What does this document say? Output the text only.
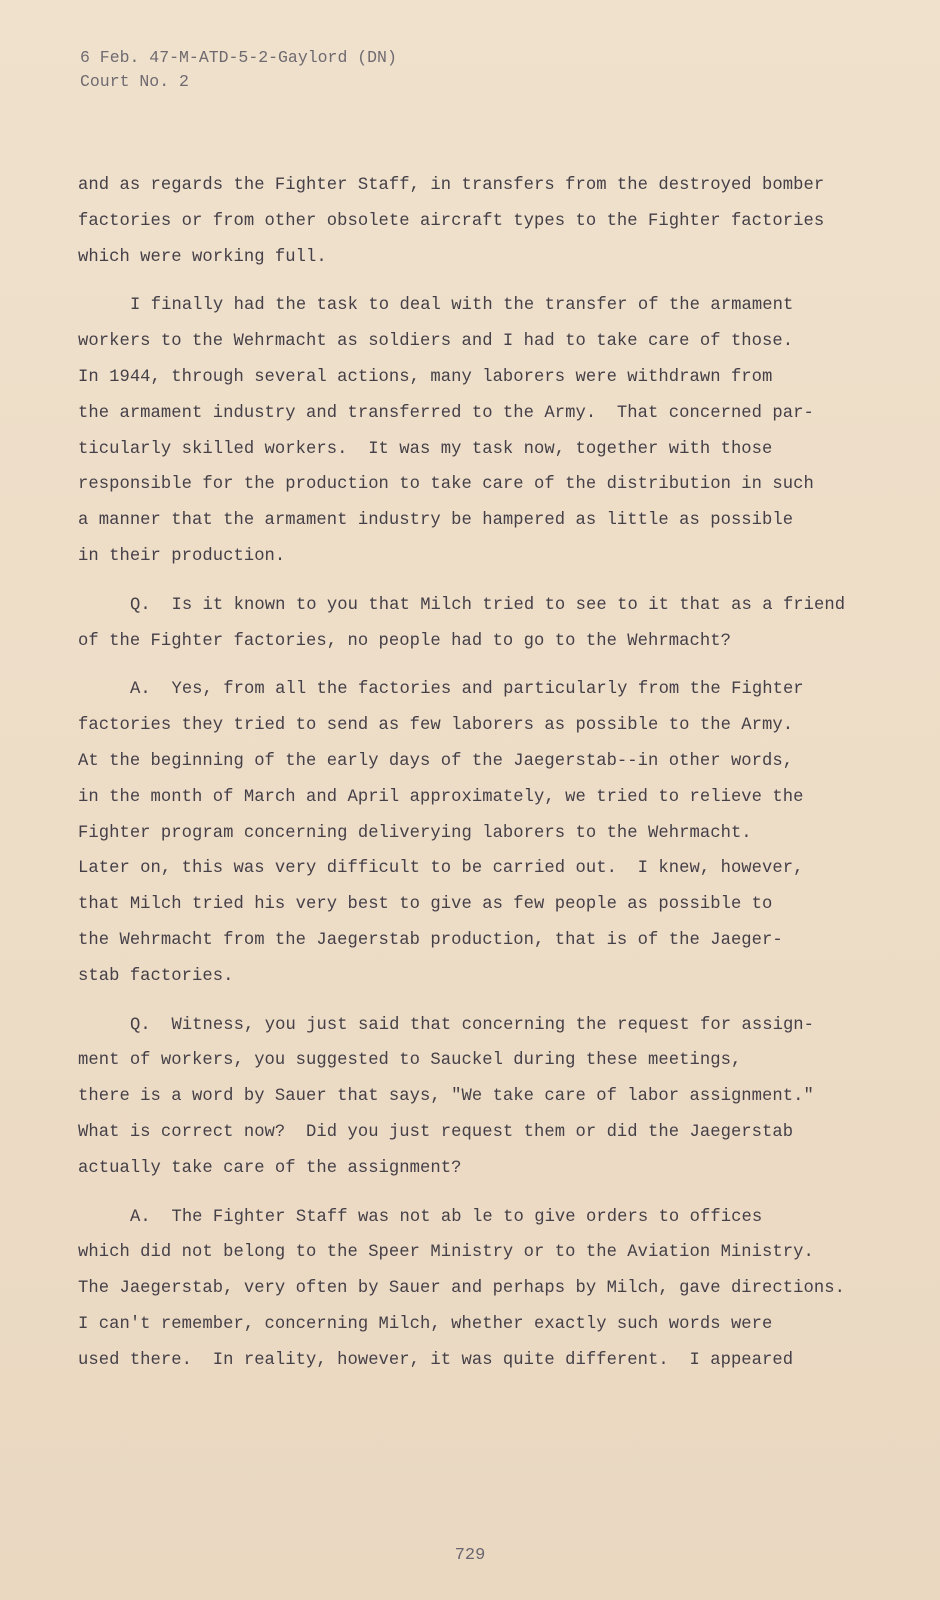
6 Feb. 47-M-ATD-5-2-Gaylord (DN)
Court No. 2
and as regards the Fighter Staff, in transfers from the destroyed bomber
factories or from other obsolete aircraft types to the Fighter factories
which were working full.
I finally had the task to deal with the transfer of the armament
workers to the Wehrmacht as soldiers and I had to take care of those.
In 1944, through several actions, many laborers were withdrawn from
the armament industry and transferred to the Army.  That concerned par-
ticularly skilled workers.  It was my task now, together with those
responsible for the production to take care of the distribution in such
a manner that the armament industry be hampered as little as possible
in their production.
Q.  Is it known to you that Milch tried to see to it that as a friend
of the Fighter factories, no people had to go to the Wehrmacht?
A.  Yes, from all the factories and particularly from the Fighter
factories they tried to send as few laborers as possible to the Army.
At the beginning of the early days of the Jaegerstab--in other words,
in the month of March and April approximately, we tried to relieve the
Fighter program concerning deliverying laborers to the Wehrmacht.
Later on, this was very difficult to be carried out.  I knew, however,
that Milch tried his very best to give as few people as possible to
the Wehrmacht from the Jaegerstab production, that is of the Jaeger-
stab factories.
Q.  Witness, you just said that concerning the request for assign-
ment of workers, you suggested to Sauckel during these meetings,
there is a word by Sauer that says, "We take care of labor assignment."
What is correct now?  Did you just request them or did the Jaegerstab
actually take care of the assignment?
A.  The Fighter Staff was not ab le to give orders to offices
which did not belong to the Speer Ministry or to the Aviation Ministry.
The Jaegerstab, very often by Sauer and perhaps by Milch, gave directions.
I can't remember, concerning Milch, whether exactly such words were
used there.  In reality, however, it was quite different.  I appeared
729
